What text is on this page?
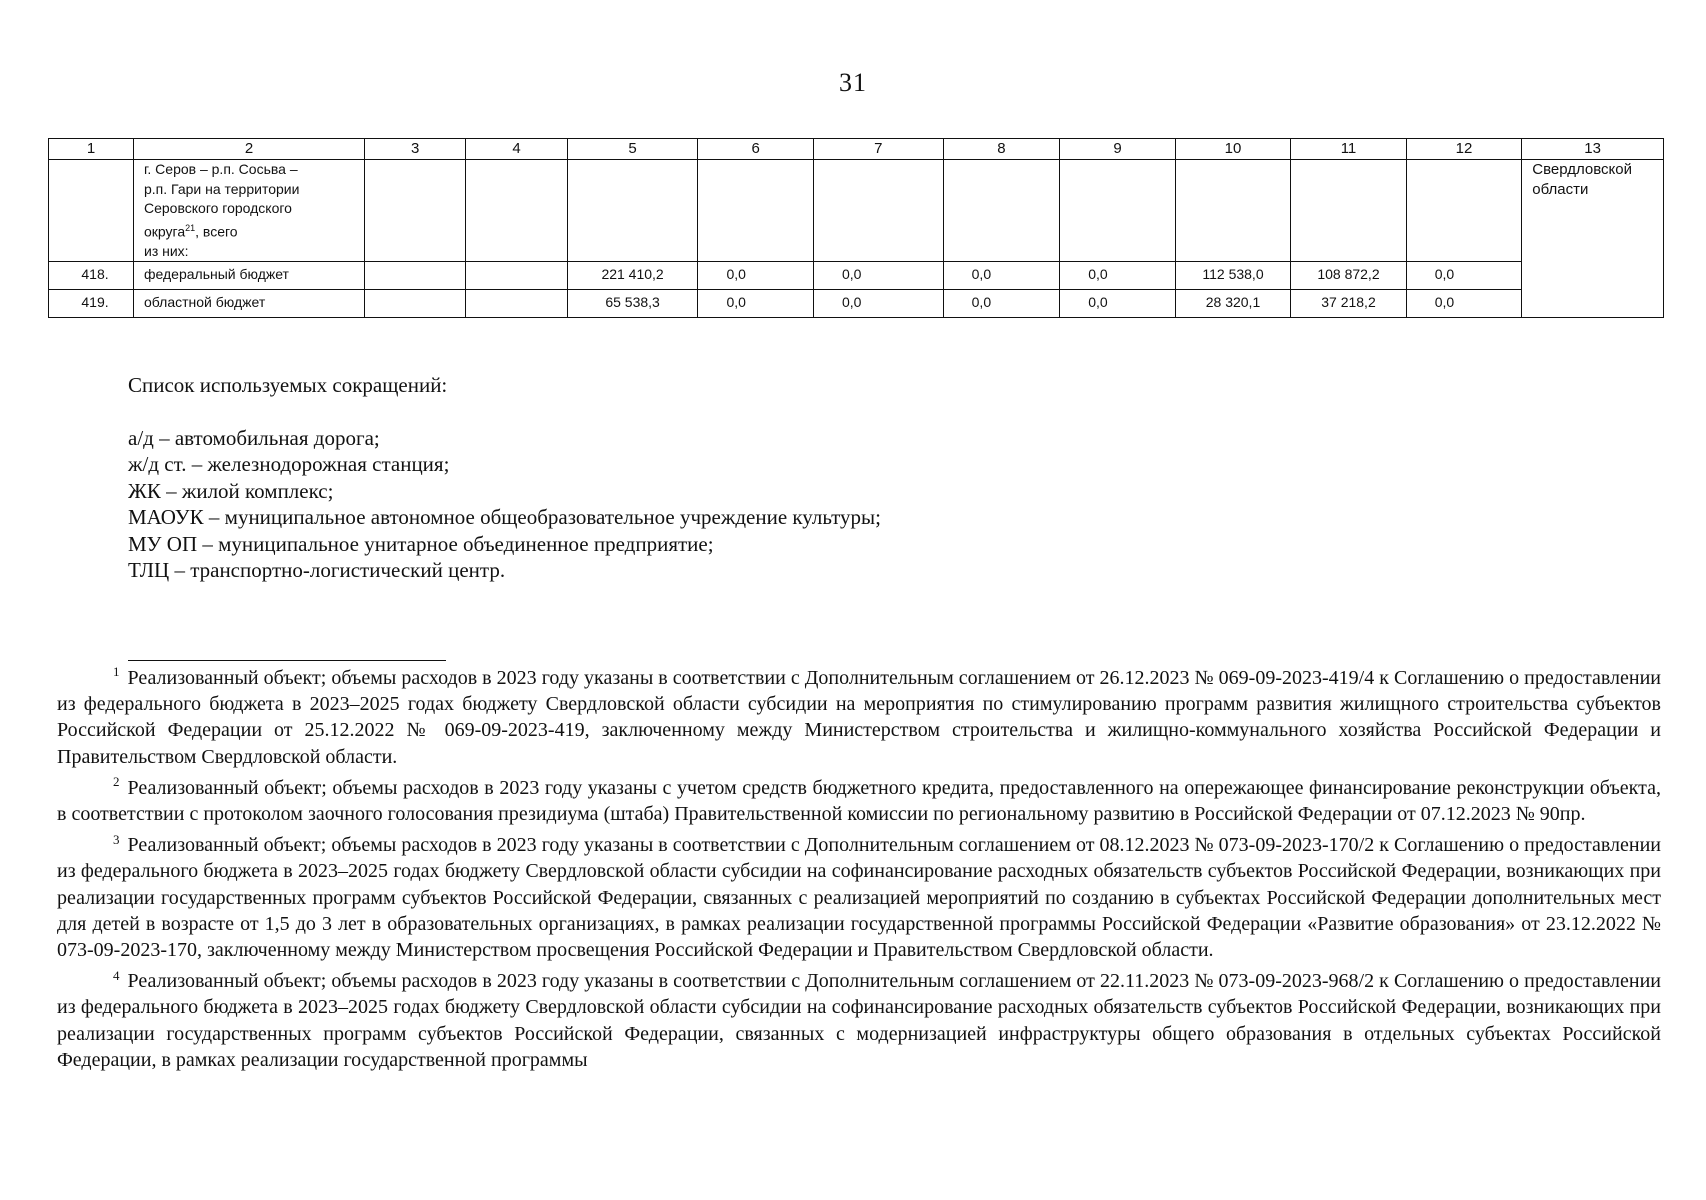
31
1	2	3	4	5	6	7	8	9	10	11	12	13

	г. Серов – р.п. Сосьва –
р.п. Гари на территории
Серовского городского
округа$^{21}$, всего
из них:											Свердловской области
418.	федеральный бюджет			221 410,2	0,0	0,0	0,0	0,0	112 538,0	108 872,2	0,0	
419.	областной бюджет			65 538,3	0,0	0,0	0,0	0,0	28 320,1	37 218,2	0,0	

Список используемых сокращений:

а/д – автомобильная дорога;
ж/д ст. – железнодорожная станция;
ЖК – жилой комплекс;
МАОУК – муниципальное автономное общеобразовательное учреждение культуры;
МУ ОП – муниципальное унитарное объединенное предприятие;
ТЛЦ – транспортно-логистический центр.

$^1$ Реализованный объект; объемы расходов в 2023 году указаны в соответствии с Дополнительным соглашением от 26.12.2023 № 069-09-2023-419/4 к Соглашению о предоставлении из федерального бюджета в 2023–2025 годах бюджету Свердловской области субсидии на мероприятия по стимулированию программ развития жилищного строительства субъектов Российской Федерации от 25.12.2022 № 069-09-2023-419, заключенному между Министерством строительства и жилищно-коммунального хозяйства Российской Федерации и Правительством Свердловской области.

$^2$ Реализованный объект; объемы расходов в 2023 году указаны с учетом средств бюджетного кредита, предоставленного на опережающее финансирование реконструкции объекта, в соответствии с протоколом заочного голосования президиума (штаба) Правительственной комиссии по региональному развитию в Российской Федерации от 07.12.2023 № 90пр.

$^3$ Реализованный объект; объемы расходов в 2023 году указаны в соответствии с Дополнительным соглашением от 08.12.2023 № 073-09-2023-170/2 к Соглашению о предоставлении из федерального бюджета в 2023–2025 годах бюджету Свердловской области субсидии на софинансирование расходных обязательств субъектов Российской Федерации, возникающих при реализации государственных программ субъектов Российской Федерации, связанных с реализацией мероприятий по созданию в субъектах Российской Федерации дополнительных мест для детей в возрасте от 1,5 до 3 лет в образовательных организациях, в рамках реализации государственной программы Российской Федерации «Развитие образования» от 23.12.2022 № 073-09-2023-170, заключенному между Министерством просвещения Российской Федерации и Правительством Свердловской области.

$^4$ Реализованный объект; объемы расходов в 2023 году указаны в соответствии с Дополнительным соглашением от 22.11.2023 № 073-09-2023-968/2 к Соглашению о предоставлении из федерального бюджета в 2023–2025 годах бюджету Свердловской области субсидии на софинансирование расходных обязательств субъектов Российской Федерации, возникающих при реализации государственных программ субъектов Российской Федерации, связанных с модернизацией инфраструктуры общего образования в отдельных субъектах Российской Федерации, в рамках реализации государственной программы
